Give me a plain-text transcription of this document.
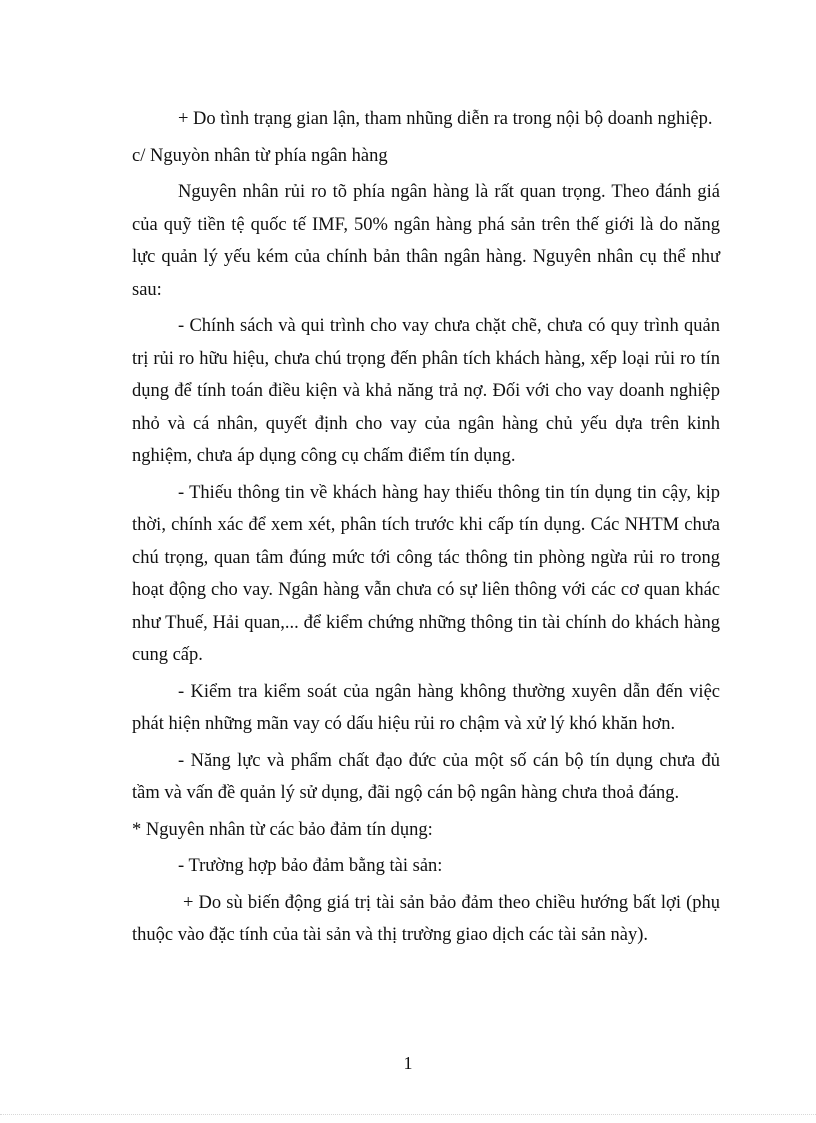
+ Do tình trạng gian lận, tham nhũng diễn ra trong nội bộ doanh nghiệp.

c/ Nguyòn nhân từ phía ngân hàng

Nguyên nhân rủi ro tõ phía ngân hàng là rất quan trọng. Theo đánh giá của quỹ tiền tệ quốc tế IMF, 50% ngân hàng phá sản trên thế giới là do năng lực quản lý yếu kém của chính bản thân ngân hàng. Nguyên nhân cụ thể như sau:

- Chính sách và qui trình cho vay chưa chặt chẽ, chưa có quy trình quản trị rủi ro hữu hiệu, chưa chú trọng đến phân tích khách hàng, xếp loại rủi ro tín dụng để tính toán điều kiện và khả năng trả nợ. Đối với cho vay doanh nghiệp nhỏ và cá nhân, quyết định cho vay của ngân hàng chủ yếu dựa trên kinh nghiệm, chưa áp dụng công cụ chấm điểm tín dụng.

- Thiếu thông tin về khách hàng hay thiếu thông tin tín dụng tin cậy, kịp thời, chính xác để xem xét, phân tích trước khi cấp tín dụng. Các NHTM chưa chú trọng, quan tâm đúng mức tới công tác thông tin phòng ngừa rủi ro trong hoạt động cho vay. Ngân hàng vẫn chưa có sự liên thông với các cơ quan khác như Thuế, Hải quan,... để kiểm chứng những thông tin tài chính do khách hàng cung cấp.

- Kiểm tra kiểm soát của ngân hàng không thường xuyên dẫn đến việc phát hiện những mãn vay có dấu hiệu rủi ro chậm và xử lý khó khăn hơn.

- Năng lực và phẩm chất đạo đức của một số cán bộ tín dụng chưa đủ tầm và vấn đề quản lý sử dụng, đãi ngộ cán bộ ngân hàng chưa thoả đáng.

* Nguyên nhân từ các bảo đảm tín dụng:

- Trường hợp bảo đảm bằng tài sản:

+ Do sù biến động giá trị tài sản bảo đảm theo chiều hướng bất lợi (phụ thuộc vào đặc tính của tài sản và thị trường giao dịch các tài sản này).

1
